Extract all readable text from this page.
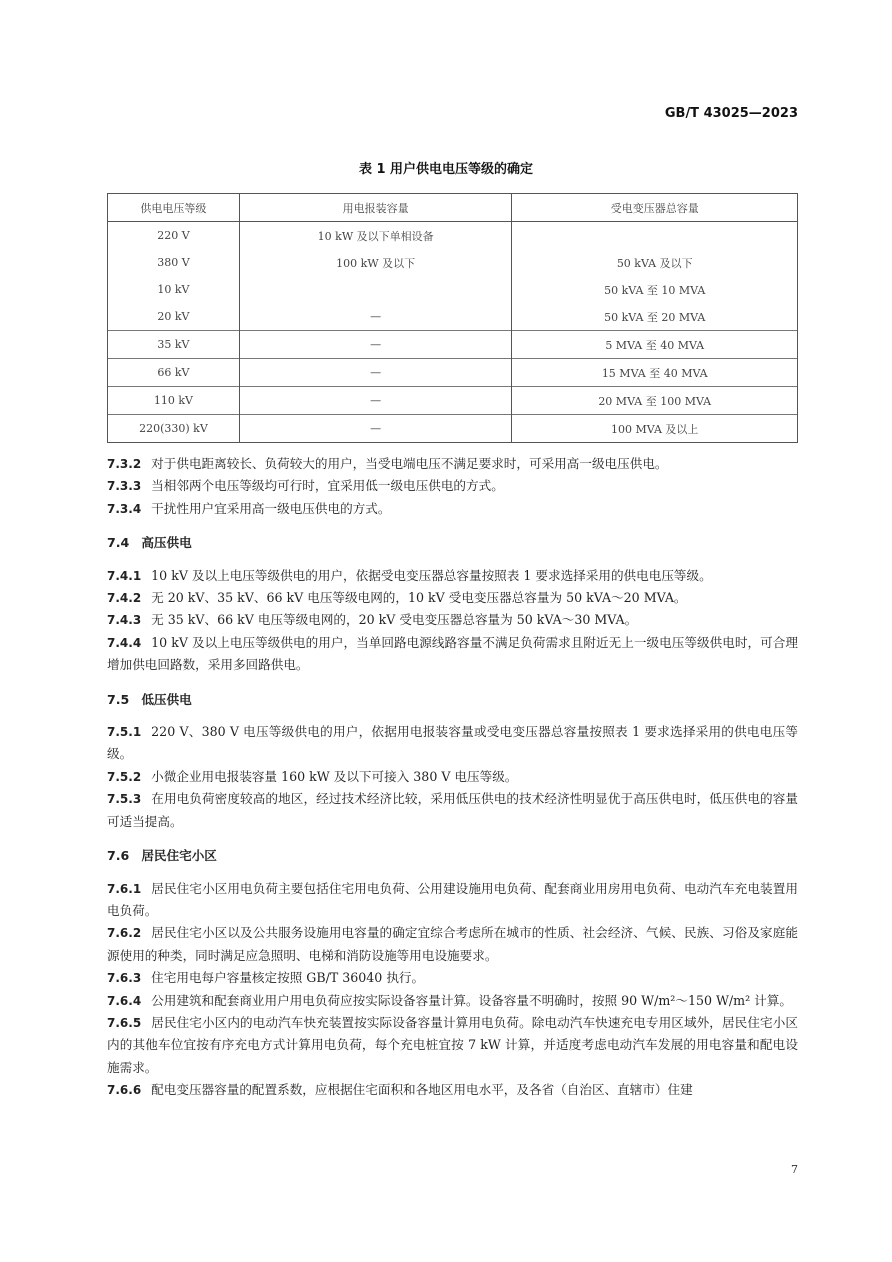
GB/T 43025—2023
表 1 用户供电电压等级的确定
供电电压等级	用电报装容量	受电变压器总容量
220 V	10 kW 及以下单相设备	
380 V	100 kW 及以下	50 kVA 及以下
10 kV		50 kVA 至 10 MVA
20 kV	—	50 kVA 至 20 MVA
35 kV	—	5 MVA 至 40 MVA
66 kV	—	15 MVA 至 40 MVA
110 kV	—	20 MVA 至 100 MVA
220(330) kV	—	100 MVA 及以上

7.3.2 对于供电距离较长、负荷较大的用户，当受电端电压不满足要求时，可采用高一级电压供电。

7.3.3 当相邻两个电压等级均可行时，宜采用低一级电压供电的方式。

7.3.4 干扰性用户宜采用高一级电压供电的方式。

7.4 高压供电

7.4.1 10 kV 及以上电压等级供电的用户，依据受电变压器总容量按照表 1 要求选择采用的供电电压等级。

7.4.2 无 20 kV、35 kV、66 kV 电压等级电网的，10 kV 受电变压器总容量为 50 kVA～20 MVA。

7.4.3 无 35 kV、66 kV 电压等级电网的，20 kV 受电变压器总容量为 50 kVA～30 MVA。

7.4.4 10 kV 及以上电压等级供电的用户，当单回路电源线路容量不满足负荷需求且附近无上一级电压等级供电时，可合理增加供电回路数，采用多回路供电。

7.5 低压供电

7.5.1 220 V、380 V 电压等级供电的用户，依据用电报装容量或受电变压器总容量按照表 1 要求选择采用的供电电压等级。

7.5.2 小微企业用电报装容量 160 kW 及以下可接入 380 V 电压等级。

7.5.3 在用电负荷密度较高的地区，经过技术经济比较，采用低压供电的技术经济性明显优于高压供电时，低压供电的容量可适当提高。

7.6 居民住宅小区

7.6.1 居民住宅小区用电负荷主要包括住宅用电负荷、公用建设施用电负荷、配套商业用房用电负荷、电动汽车充电装置用电负荷。

7.6.2 居民住宅小区以及公共服务设施用电容量的确定宜综合考虑所在城市的性质、社会经济、气候、民族、习俗及家庭能源使用的种类，同时满足应急照明、电梯和消防设施等用电设施要求。

7.6.3 住宅用电每户容量核定按照 GB/T 36040 执行。

7.6.4 公用建筑和配套商业用户用电负荷应按实际设备容量计算。设备容量不明确时，按照 90 W/m²～150 W/m² 计算。

7.6.5 居民住宅小区内的电动汽车快充装置按实际设备容量计算用电负荷。除电动汽车快速充电专用区域外，居民住宅小区内的其他车位宜按有序充电方式计算用电负荷，每个充电桩宜按 7 kW 计算，并适度考虑电动汽车发展的用电容量和配电设施需求。

7.6.6 配电变压器容量的配置系数，应根据住宅面积和各地区用电水平，及各省（自治区、直辖市）住建

7
